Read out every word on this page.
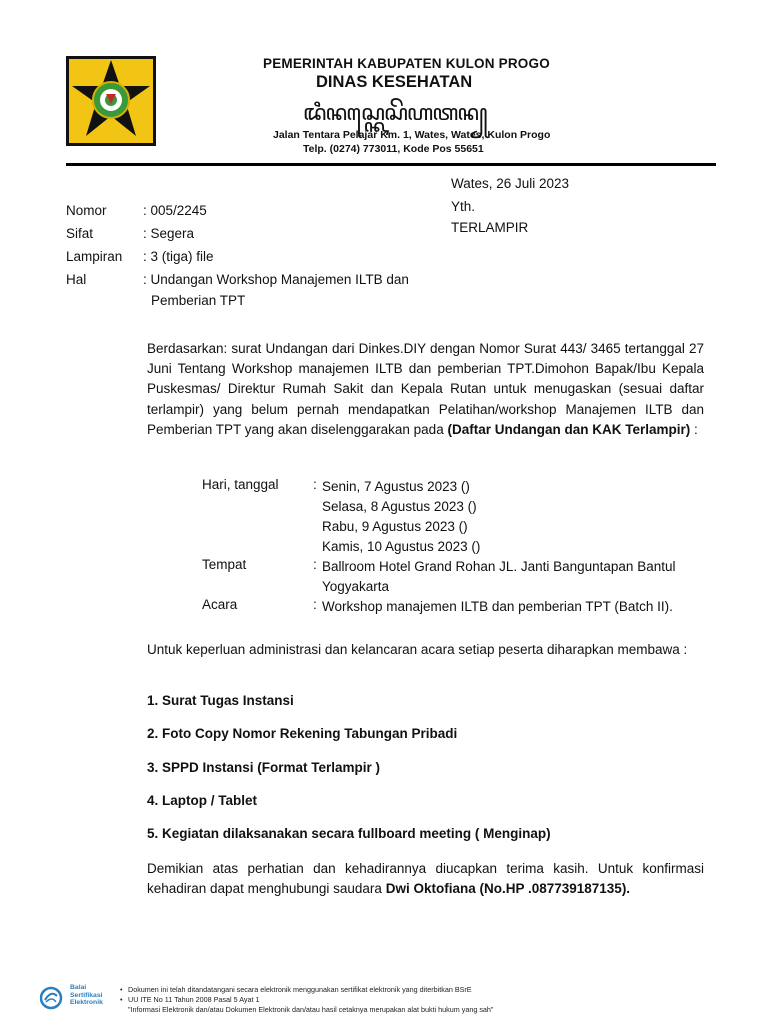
PEMERINTAH KABUPATEN KULON PROGO
DINAS KESEHATAN
ꦢꦶꦤꦱ꧀ꦏꦺꦱꦼꦲꦠꦤ꧀
Jalan Tentara Pelajar Km. 1, Wates, Wates, Kulon Progo
Telp. (0274) 773011, Kode Pos 55651
Wates, 26 Juli 2023
Yth.
TERLAMPIR
Nomor	: 005/2245
Sifat	: Segera
Lampiran : 3 (tiga) file
Hal	: Undangan Workshop Manajemen ILTB dan
Pemberian TPT
Berdasarkan: surat Undangan dari Dinkes.DIY dengan Nomor Surat 443/ 3465 tertanggal 27 Juni Tentang Workshop manajemen ILTB dan pemberian TPT.Dimohon Bapak/Ibu Kepala Puskesmas/ Direktur Rumah Sakit dan Kepala Rutan untuk menugaskan (sesuai daftar terlampir) yang belum pernah mendapatkan Pelatihan/workshop Manajemen ILTB dan Pemberian TPT yang akan diselenggarakan pada (Daftar Undangan dan KAK Terlampir) :
Hari, tanggal	: Senin, 7 Agustus 2023 ()
Selasa, 8 Agustus 2023 ()
Rabu, 9 Agustus 2023 ()
Kamis, 10 Agustus 2023 ()
Tempat	: Ballroom Hotel Grand Rohan JL. Janti Banguntapan Bantul Yogyakarta
Acara	: Workshop manajemen ILTB dan pemberian TPT (Batch II).
Untuk keperluan administrasi dan kelancaran acara setiap peserta diharapkan membawa :
1. Surat Tugas Instansi
2. Foto Copy Nomor Rekening Tabungan Pribadi
3. SPPD Instansi (Format Terlampir )
4. Laptop / Tablet
5. Kegiatan dilaksanakan secara fullboard meeting ( Menginap)
Demikian atas perhatian dan kehadirannya diucapkan terima kasih. Untuk konfirmasi kehadiran dapat menghubungi saudara Dwi Oktofiana (No.HP .087739187135).
Balai
Sertifikasi
Elektronik
• Dokumen ini telah ditandatangani secara elektronik menggunakan sertifikat elektronik yang diterbitkan BSrE
• UU ITE No 11 Tahun 2008 Pasal 5 Ayat 1
"Informasi Elektronik dan/atau Dokumen Elektronik dan/atau hasil cetaknya merupakan alat bukti hukum yang sah"
